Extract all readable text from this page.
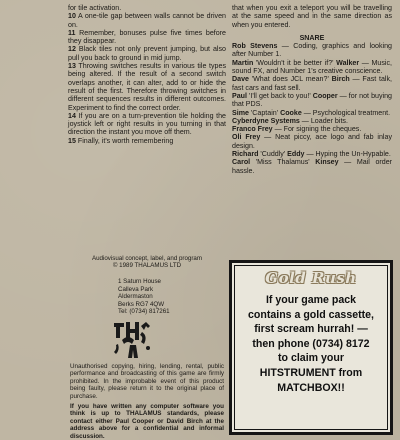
for tile activation.

10 A one-tile gap between walls cannot be driven on.

11 Remember, bonuses pulse five times before they disappear.

12 Black tiles not only prevent jumping, but also pull you back to ground in mid jump.

13 Throwing switches results in various tile types being altered. If the result of a second switch overlaps another, it can alter, add to or hide the result of the first. Therefore throwing switches in different sequences results in different outcomes. Experiment to find the correct order.

14 If you are on a turn-prevention tile holding the joystick left or right results in you turning in that direction the instant you move off them.

15 Finally, it's worth remembering

Audiovisual concept, label, and program
© 1989 THALAMUS LTD
1 Saturn House
Calleva Park
Aldermaston
Berks RG7 4QW
Tel: (0734) 817261

Unauthorised copying, hiring, lending, rental, public performance and broadcasting of this game are firmly prohibited. In the improbable event of this product being faulty, please return it to the original place of purchase.

If you have written any computer software you think is up to THALAMUS standards, please contact either Paul Cooper or David Birch at the address above for a confidential and informal discussion.

that when you exit a teleport you will be travelling at the same speed and in the same direction as when you entered.

SNARE

Rob Stevens — Coding, graphics and looking after Number 1.

Martin 'Wouldn't it be better if?' Walker — Music, sound FX, and Number 1's creative conscience.

Dave 'What does JCL mean?' Birch — Fast talk, fast cars and fast sell.

Paul 'I'll get back to you!' Cooper — for not buying that PDS.

Sime 'Captain' Cooke — Psychological treatment.

Cyberdyne Systems — Loader bits.

Franco Frey — For signing the cheques.

Oli Frey — Neat piccy, ace logo and fab inlay design.

Richard 'Cuddly' Eddy — Hyping the Un-Hypable.

Carol 'Miss Thalamus' Kinsey — Mail order hassle.

Gold Rush
If your game pack
contains a gold cassette,
first scream hurrah! —
then phone (0734) 8172
to claim your
HITSTRUMENT from
MATCHBOX!!
